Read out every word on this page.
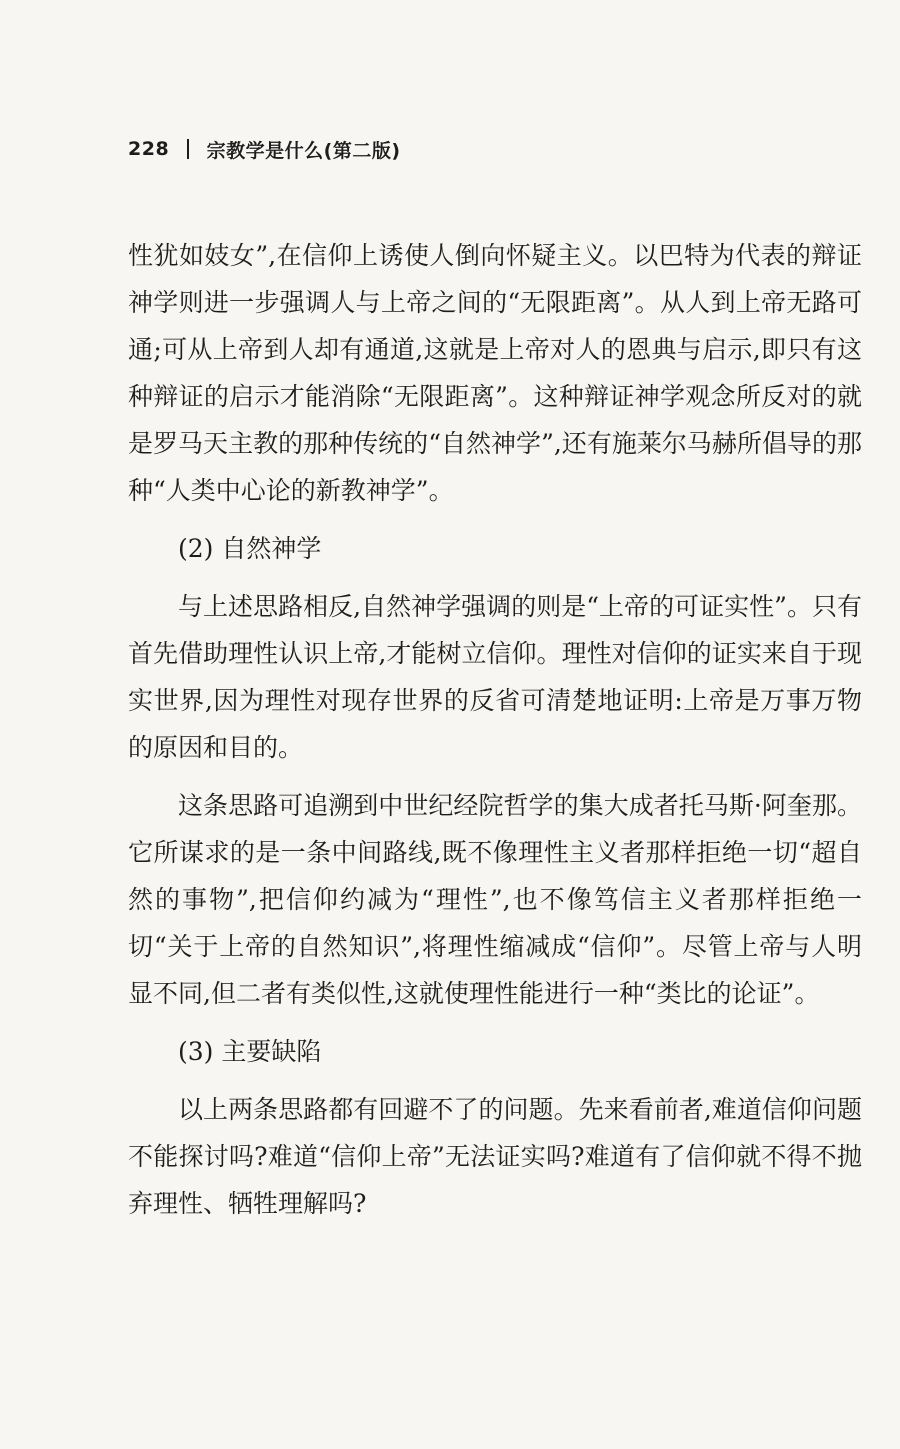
228 宗教学是什么(第二版)

性犹如妓女”,在信仰上诱使人倒向怀疑主义。以巴特为代表的辩证神学则进一步强调人与上帝之间的“无限距离”。从人到上帝无路可通;可从上帝到人却有通道,这就是上帝对人的恩典与启示,即只有这种辩证的启示才能消除“无限距离”。这种辩证神学观念所反对的就是罗马天主教的那种传统的“自然神学”,还有施莱尔马赫所倡导的那种“人类中心论的新教神学”。

(2) 自然神学

与上述思路相反,自然神学强调的则是“上帝的可证实性”。只有首先借助理性认识上帝,才能树立信仰。理性对信仰的证实来自于现实世界,因为理性对现存世界的反省可清楚地证明:上帝是万事万物的原因和目的。

这条思路可追溯到中世纪经院哲学的集大成者托马斯·阿奎那。它所谋求的是一条中间路线,既不像理性主义者那样拒绝一切“超自然的事物”,把信仰约减为“理性”,也不像笃信主义者那样拒绝一切“关于上帝的自然知识”,将理性缩减成“信仰”。尽管上帝与人明显不同,但二者有类似性,这就使理性能进行一种“类比的论证”。

(3) 主要缺陷

以上两条思路都有回避不了的问题。先来看前者,难道信仰问题不能探讨吗?难道“信仰上帝”无法证实吗?难道有了信仰就不得不抛弃理性、牺牲理解吗?
